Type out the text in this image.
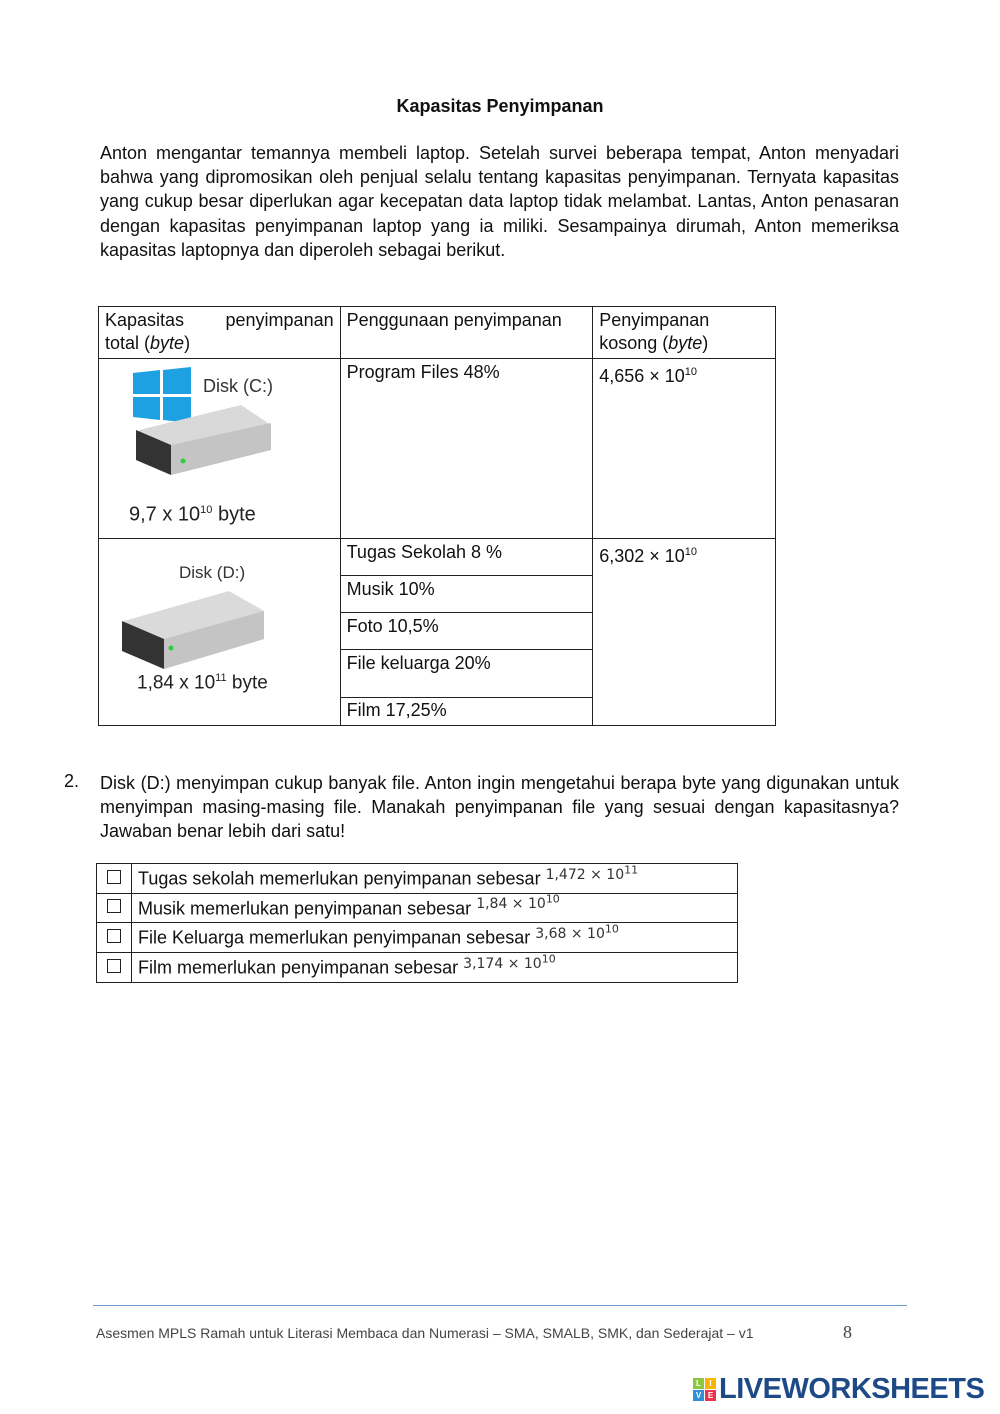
Kapasitas Penyimpanan
Anton mengantar temannya membeli laptop. Setelah survei beberapa tempat, Anton menyadari bahwa yang dipromosikan oleh penjual selalu tentang kapasitas penyimpanan. Ternyata kapasitas yang cukup besar diperlukan agar kecepatan data laptop tidak melambat. Lantas, Anton penasaran dengan kapasitas penyimpanan laptop yang ia miliki. Sesampainya dirumah, Anton memeriksa kapasitas laptopnya dan diperoleh sebagai berikut.
Kapasitas penyimpanan total (byte)	Penggunaan penyimpanan	Penyimpanan kosong (byte)

Disk (C:)
9,7 x $10^{10}$ byte	Program Files 48%	$4,656 \times 10^{10}$

Disk (D:)
1,84 x $10^{11}$ byte	Tugas Sekolah 8 %	$6,302 \times 10^{10}$
	Musik 10%	
	Foto 10,5%	
	File keluarga 20%	
	Film 17,25%	
2. Disk (D:) menyimpan cukup banyak file. Anton ingin mengetahui berapa byte yang digunakan untuk menyimpan masing-masing file. Manakah penyimpanan file yang sesuai dengan kapasitasnya? Jawaban benar lebih dari satu!
	Tugas sekolah memerlukan penyimpanan sebesar $^{1,472 \times 10^{11}}$
	Musik memerlukan penyimpanan sebesar $^{1,84 \times 10^{10}}$
	File Keluarga memerlukan penyimpanan sebesar $^{3,68 \times 10^{10}}$
	Film memerlukan penyimpanan sebesar $^{3,174 \times 10^{10}}$
Asesmen MPLS Ramah untuk Literasi Membaca dan Numerasi – SMA, SMALB, SMK, dan Sederajat – v1	8
L	I
V E LIVEWORKSHEETS
